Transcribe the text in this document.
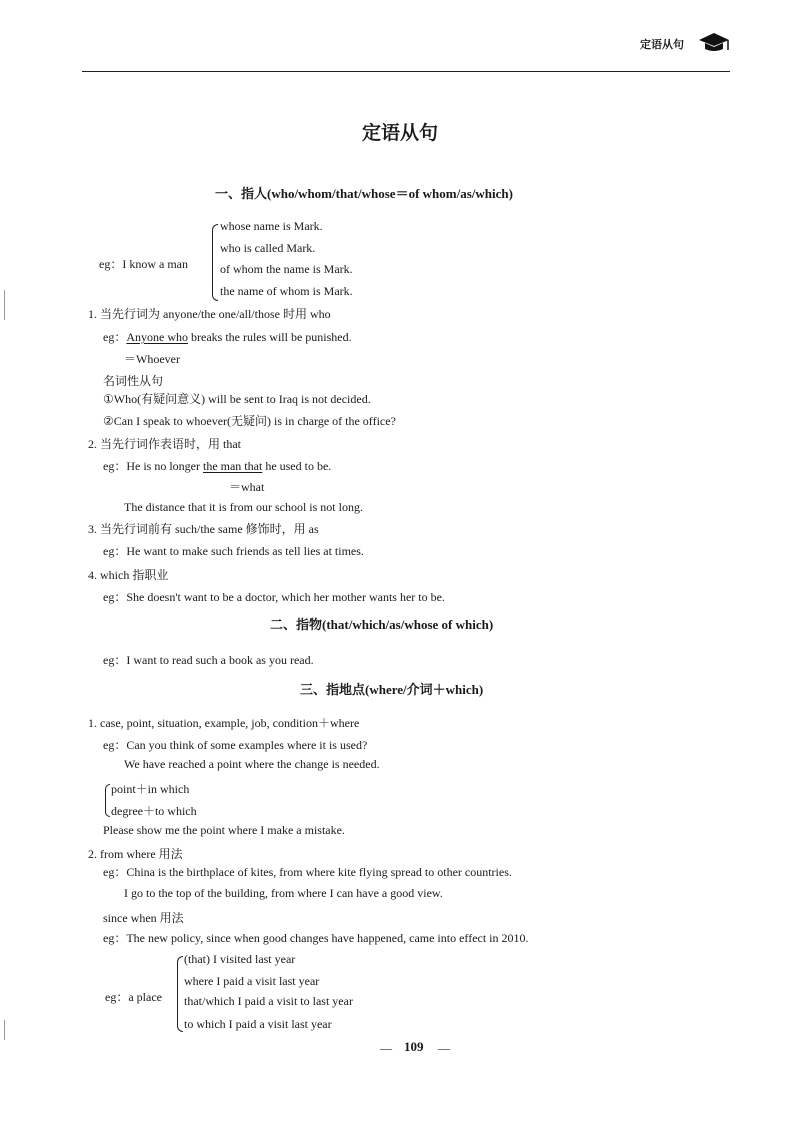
定语从句
定语从句
一、指人(who/whom/that/whose＝of whom/as/which)
eg：I know a man
whose name is Mark.
who is called Mark.
of whom the name is Mark.
the name of whom is Mark.
1. 当先行词为 anyone/the one/all/those 时用 who
eg：Anyone who breaks the rules will be punished.
＝Whoever
名词性从句
①Who(有疑问意义) will be sent to Iraq is not decided.
②Can I speak to whoever(无疑问) is in charge of the office?
2. 当先行词作表语时，用 that
eg：He is no longer the man that he used to be.
＝what
The distance that it is from our school is not long.
3. 当先行词前有 such/the same 修饰时，用 as
eg：He want to make such friends as tell lies at times.
4. which 指职业
eg：She doesn't want to be a doctor, which her mother wants her to be.
二、指物(that/which/as/whose of which)
eg：I want to read such a book as you read.
三、指地点(where/介词＋which)
1. case, point, situation, example, job, condition＋where
eg：Can you think of some examples where it is used?
We have reached a point where the change is needed.
point＋in which
degree＋to which
Please show me the point where I make a mistake.
2. from where 用法
eg：China is the birthplace of kites, from where kite flying spread to other countries.
I go to the top of the building, from where I can have a good view.
since when 用法
eg：The new policy, since when good changes have happened, came into effect in 2010.
eg：a place
(that) I visited last year
where I paid a visit last year
that/which I paid a visit to last year
to which I paid a visit last year
— 109 —
